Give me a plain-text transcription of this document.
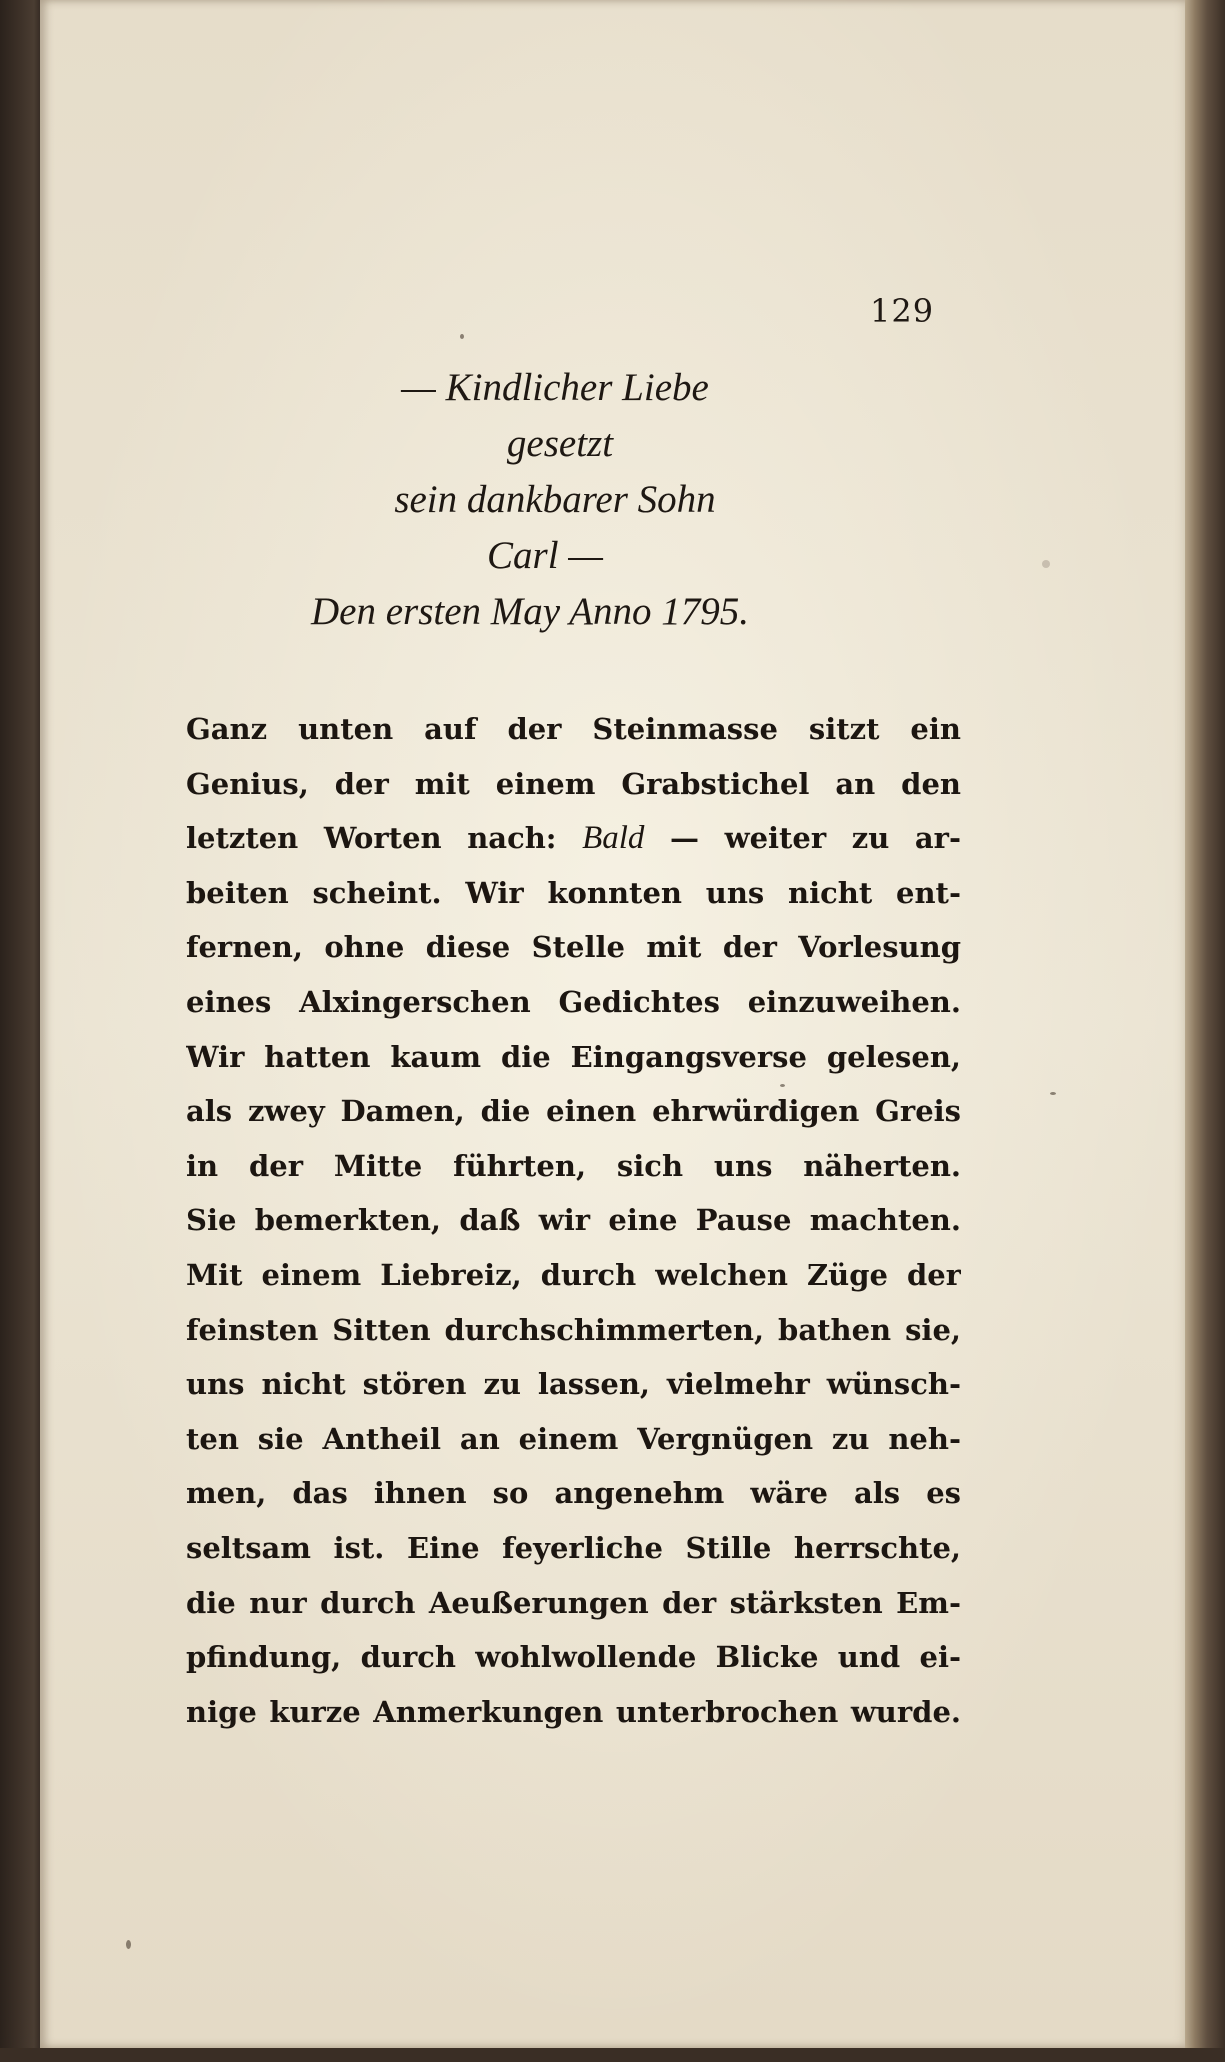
129
— Kindlicher Liebe
gesetzt
sein dankbarer Sohn
Carl —
Den ersten May Anno 1795.
Ganz unten auf der Steinmasse sitzt ein
Genius, der mit einem Grabstichel an den
letzten Worten nach: Bald — weiter zu ar-
beiten scheint. Wir konnten uns nicht ent-
fernen, ohne diese Stelle mit der Vorlesung
eines Alxingerschen Gedichtes einzuweihen.
Wir hatten kaum die Eingangsverse gelesen,
als zwey Damen, die einen ehrwürdigen Greis
in der Mitte führten, sich uns näherten.
Sie bemerkten, daß wir eine Pause machten.
Mit einem Liebreiz, durch welchen Züge der
feinsten Sitten durchschimmerten, bathen sie,
uns nicht stören zu lassen, vielmehr wünsch-
ten sie Antheil an einem Vergnügen zu neh-
men, das ihnen so angenehm wäre als es
seltsam ist. Eine feyerliche Stille herrschte,
die nur durch Aeußerungen der stärksten Em-
pfindung, durch wohlwollende Blicke und ei-
nige kurze Anmerkungen unterbrochen wurde.
